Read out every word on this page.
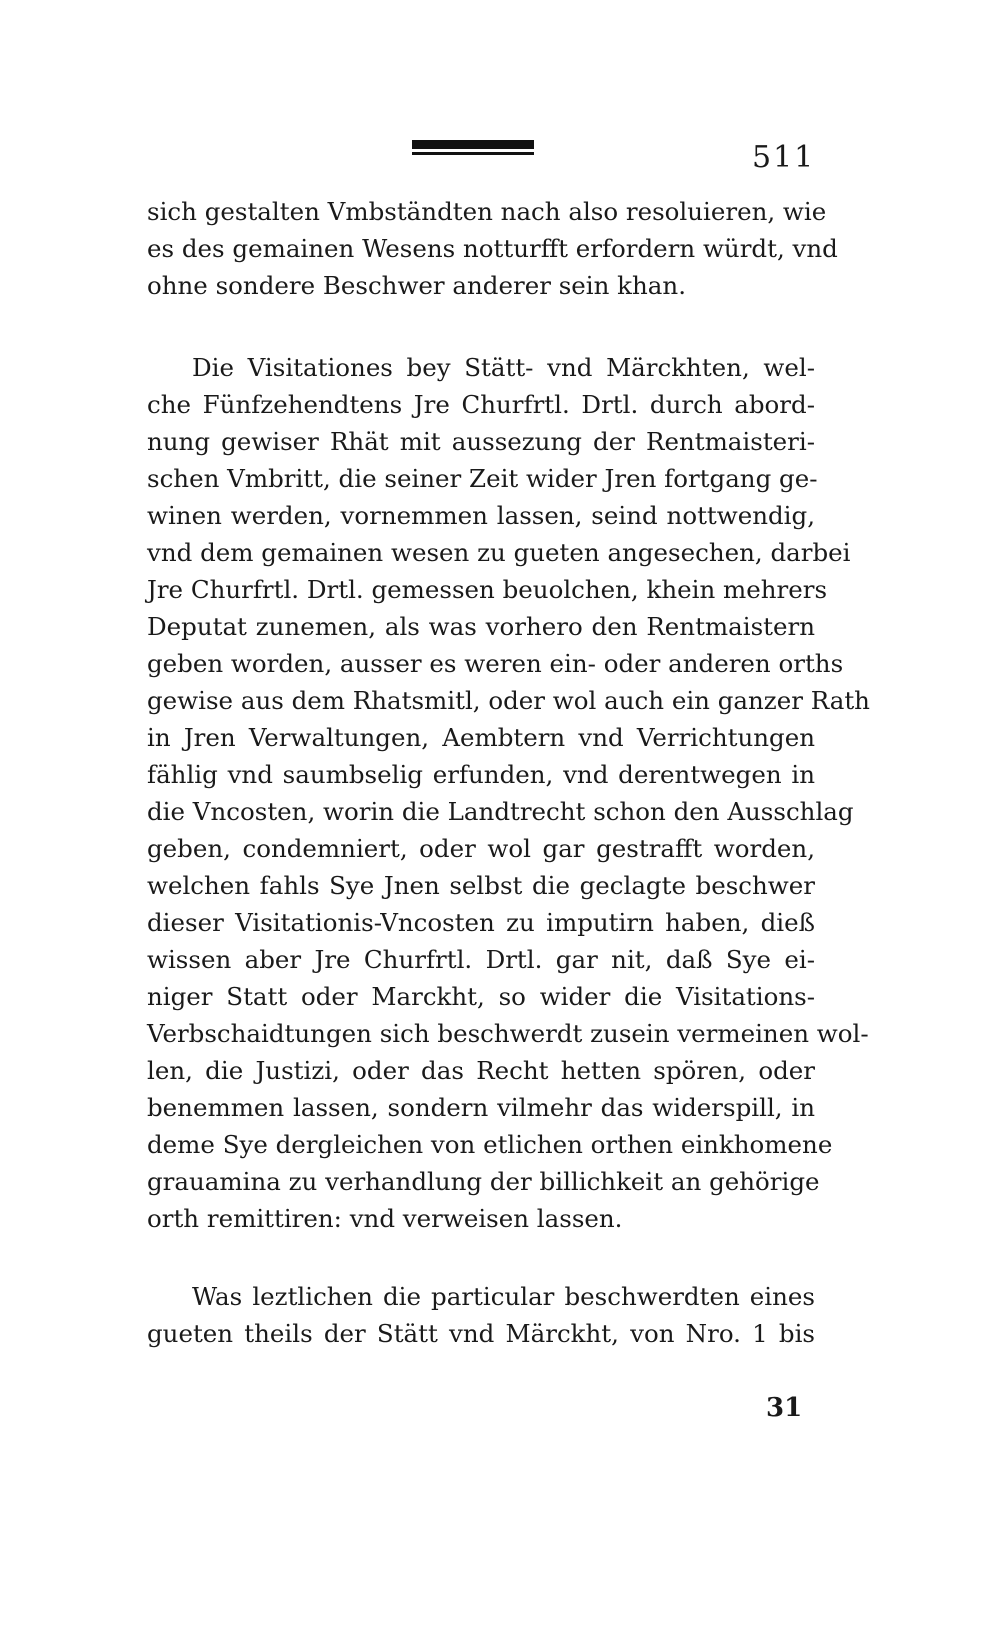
511
sich gestalten Vmbständten nach also resoluieren, wie
es des gemainen Wesens notturfft erfordern würdt, vnd
ohne sondere Beschwer anderer sein khan.
Die Visitationes bey Stätt- vnd Märckhten, wel-
che Fünfzehendtens Jre Churfrtl. Drtl. durch abord-
nung gewiser Rhät mit aussezung der Rentmaisteri-
schen Vmbritt, die seiner Zeit wider Jren fortgang ge-
winen werden, vornemmen lassen, seind nottwendig,
vnd dem gemainen wesen zu gueten angesechen, darbei
Jre Churfrtl. Drtl. gemessen beuolchen, khein mehrers
Deputat zunemen, als was vorhero den Rentmaistern
geben worden, ausser es weren ein- oder anderen orths
gewise aus dem Rhatsmitl, oder wol auch ein ganzer Rath
in Jren Verwaltungen, Aembtern vnd Verrichtungen
fählig vnd saumbselig erfunden, vnd derentwegen in
die Vncosten, worin die Landtrecht schon den Ausschlag
geben, condemniert, oder wol gar gestrafft worden,
welchen fahls Sye Jnen selbst die geclagte beschwer
dieser Visitationis-Vncosten zu imputirn haben, dieß
wissen aber Jre Churfrtl. Drtl. gar nit, daß Sye ei-
niger Statt oder Marckht, so wider die Visitations-
Verbschaidtungen sich beschwerdt zusein vermeinen wol-
len, die Justizi, oder das Recht hetten spören, oder
benemmen lassen, sondern vilmehr das widerspill, in
deme Sye dergleichen von etlichen orthen einkhomene
grauamina zu verhandlung der billichkeit an gehörige
orth remittiren: vnd verweisen lassen.
Was leztlichen die particular beschwerdten eines
gueten theils der Stätt vnd Märckht, von Nro. 1 bis
31
